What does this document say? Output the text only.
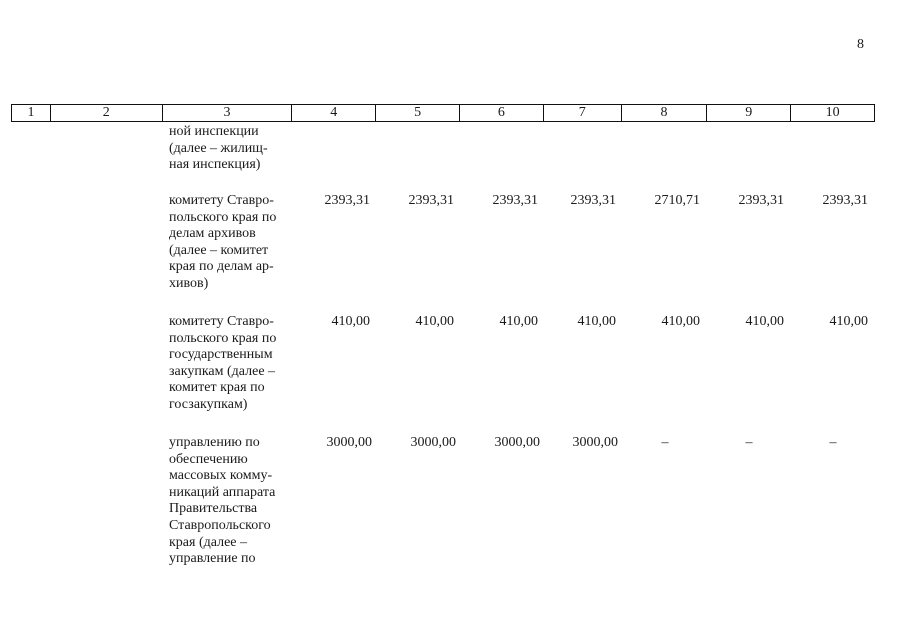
8
1	2	3	4	5	6	7	8	9	10
ной инспекции
(далее – жилищ-
ная инспекция)
комитету Ставро-
польского края по
делам архивов
(далее – комитет
края по делам ар-
хивов)
2393,31	2393,31	2393,31	2393,31	2710,71	2393,31	2393,31
комитету Ставро-
польского края по
государственным
закупкам (далее –
комитет края по
госзакупкам)
410,00	410,00	410,00	410,00	410,00	410,00	410,00
управлению по
обеспечению
массовых комму-
никаций аппарата
Правительства
Ставропольского
края (далее –
управление по
3000,00	3000,00	3000,00	3000,00	–	–	–
